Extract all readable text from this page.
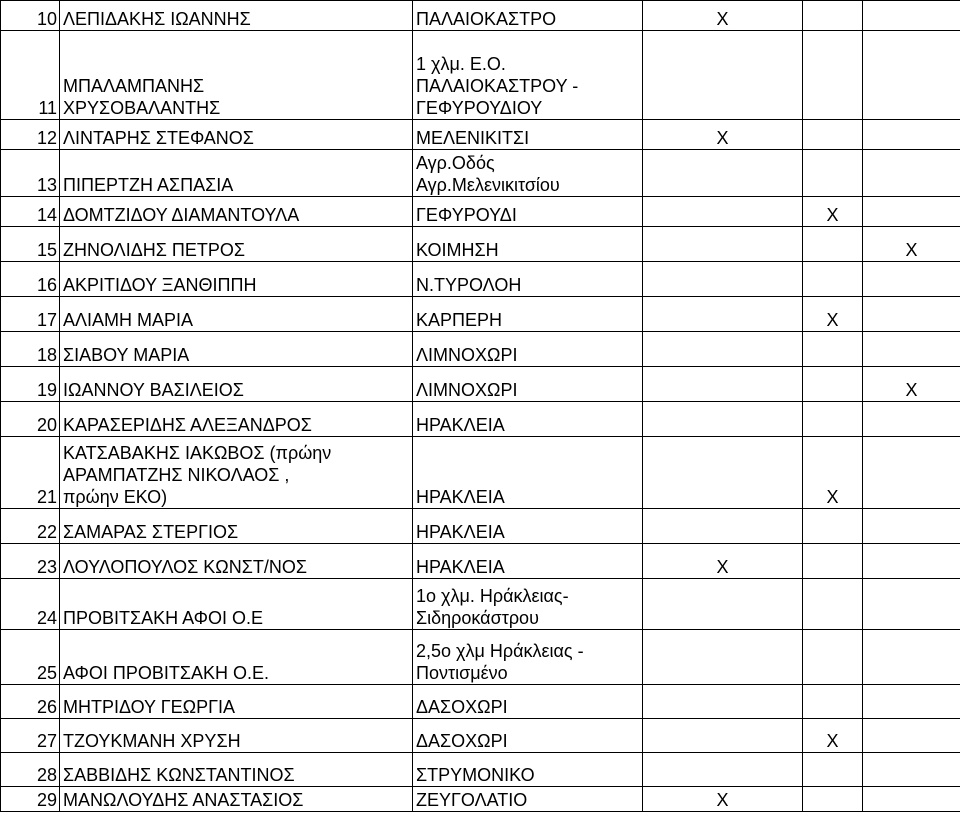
10	ΛΕΠΙΔΑΚΗΣ ΙΩΑΝΝΗΣ	ΠΑΛΑΙΟΚΑΣΤΡΟ	Χ		
11	ΜΠΑΛΑΜΠΑΝΗΣ
ΧΡΥΣΟΒΑΛΑΝΤΗΣ	1 χλμ. Ε.Ο.
ΠΑΛΑΙΟΚΑΣΤΡΟΥ -
ΓΕΦΥΡΟΥΔΙΟΥ			
12	ΛΙΝΤΑΡΗΣ ΣΤΕΦΑΝΟΣ	ΜΕΛΕΝΙΚΙΤΣΙ	Χ		
13	ΠΙΠΕΡΤΖΗ ΑΣΠΑΣΙΑ	Αγρ.Οδός
Αγρ.Μελενικιτσίου			
14	ΔΟΜΤΖΙΔΟΥ ΔΙΑΜΑΝΤΟΥΛΑ	ΓΕΦΥΡΟΥΔΙ		Χ	
15	ΖΗΝΟΛΙΔΗΣ ΠΕΤΡΟΣ	ΚΟΙΜΗΣΗ			Χ
16	ΑΚΡΙΤΙΔΟΥ ΞΑΝΘΙΠΠΗ	Ν.ΤΥΡΟΛΟΗ			
17	ΑΛΙΑΜΗ ΜΑΡΙΑ	ΚΑΡΠΕΡΗ		Χ	
18	ΣΙΑΒΟΥ ΜΑΡΙΑ	ΛΙΜΝΟΧΩΡΙ			
19	ΙΩΑΝΝΟΥ ΒΑΣΙΛΕΙΟΣ	ΛΙΜΝΟΧΩΡΙ			Χ
20	ΚΑΡΑΣΕΡΙΔΗΣ ΑΛΕΞΑΝΔΡΟΣ	ΗΡΑΚΛΕΙΑ			
21	ΚΑΤΣΑΒΑΚΗΣ ΙΑΚΩΒΟΣ (πρώην
ΑΡΑΜΠΑΤΖΗΣ ΝΙΚΟΛΑΟΣ ,
πρώην ΕΚΟ)	ΗΡΑΚΛΕΙΑ		Χ	
22	ΣΑΜΑΡΑΣ ΣΤΕΡΓΙΟΣ	ΗΡΑΚΛΕΙΑ			
23	ΛΟΥΛΟΠΟΥΛΟΣ ΚΩΝΣΤ/ΝΟΣ	ΗΡΑΚΛΕΙΑ	Χ		
24	ΠΡΟΒΙΤΣΑΚΗ ΑΦΟΙ Ο.Ε	1ο χλμ. Ηράκλειας-
Σιδηροκάστρου			
25	ΑΦΟΙ ΠΡΟΒΙΤΣΑΚΗ Ο.Ε.	2,5ο χλμ Ηράκλειας -
Ποντισμένο			
26	ΜΗΤΡΙΔΟΥ ΓΕΩΡΓΙΑ	ΔΑΣΟΧΩΡΙ			
27	ΤΖΟΥΚΜΑΝΗ ΧΡΥΣΗ	ΔΑΣΟΧΩΡΙ		Χ	
28	ΣΑΒΒΙΔΗΣ ΚΩΝΣΤΑΝΤΙΝΟΣ	ΣΤΡΥΜΟΝΙΚΟ			
29	ΜΑΝΩΛΟΥΔΗΣ ΑΝΑΣΤΑΣΙΟΣ	ΖΕΥΓΟΛΑΤΙΟ	Χ		
